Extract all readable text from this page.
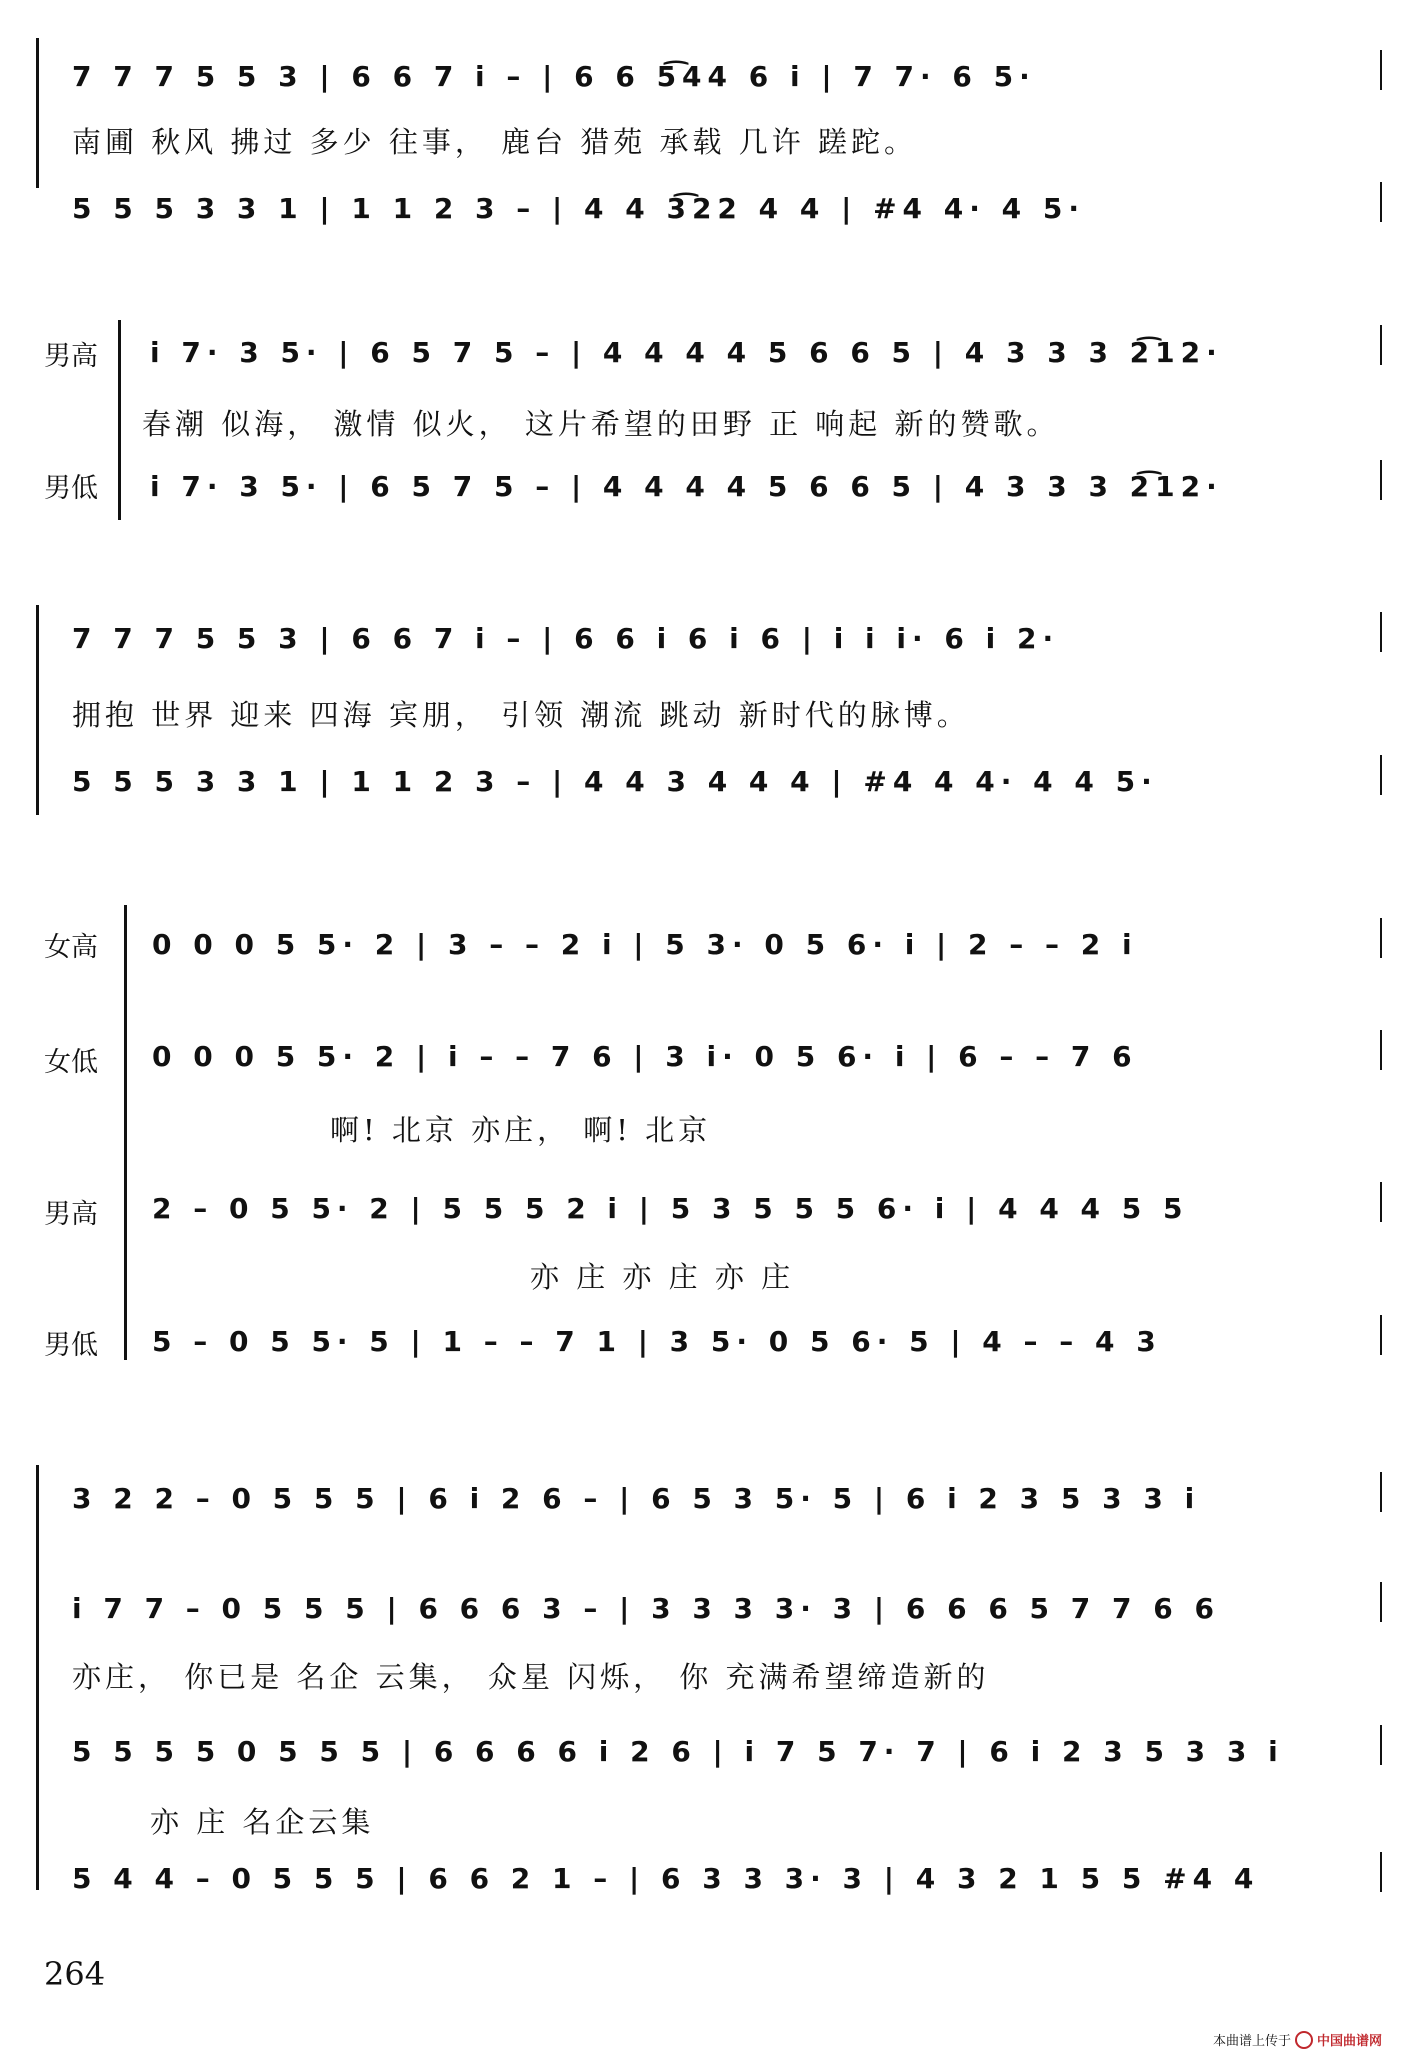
7 7 7 5 5 3 | 6 6 7 i – | 6 6 5͡44 6 i | 7 7· 6 5·
南圃 秋风 拂过 多少 往事， 鹿台 猎苑 承载 几许 蹉跎。
5 5 5 3 3 1 | 1 1 2 3 – | 4 4 3͡22 4 4 | #4 4· 4 5·
男高
男低
i 7· 3 5· | 6 5 7 5 – | 4 4 4 4 5 6 6 5 | 4 3 3 3 2͡12·
春潮 似海， 激情 似火， 这片希望的田野 正 响起 新的赞歌。
i 7· 3 5· | 6 5 7 5 – | 4 4 4 4 5 6 6 5 | 4 3 3 3 2͡12·
7 7 7 5 5 3 | 6 6 7 i – | 6 6 i 6 i 6 | i i i· 6 i 2·
拥抱 世界 迎来 四海 宾朋， 引领 潮流 跳动 新时代的脉博。
5 5 5 3 3 1 | 1 1 2 3 – | 4 4 3 4 4 4 | #4 4 4· 4 4 5·
女高
女低
男高
男低
0 0 0 5 5· 2 | 3 – – 2 i | 5 3· 0 5 6· i | 2 – – 2 i
0 0 0 5 5· 2 | i – – 7 6 | 3 i· 0 5 6· i | 6 – – 7 6
啊! 北京 亦庄， 啊! 北京
2 – 0 5 5· 2 | 5 5 5 2 i | 5 3 5 5 5 6· i | 4 4 4 5 5
亦 庄 亦 庄 亦 庄
5 – 0 5 5· 5 | 1 – – 7 1 | 3 5· 0 5 6· 5 | 4 – – 4 3
3 2 2 – 0 5 5 5 | 6 i 2 6 – | 6 5 3 5· 5 | 6 i 2 3 5 3 3 i
i 7 7 – 0 5 5 5 | 6 6 6 3 – | 3 3 3 3· 3 | 6 6 6 5 7 7 6 6
亦庄， 你已是 名企 云集， 众星 闪烁， 你 充满希望缔造新的
5 5 5 5 0 5 5 5 | 6 6 6 6 i 2 6 | i 7 5 7· 7 | 6 i 2 3 5 3 3 i
亦 庄 名企云集
5 4 4 – 0 5 5 5 | 6 6 2 1 – | 6 3 3 3· 3 | 4 3 2 1 5 5 #4 4
264
本曲谱上传于 中国曲谱网
